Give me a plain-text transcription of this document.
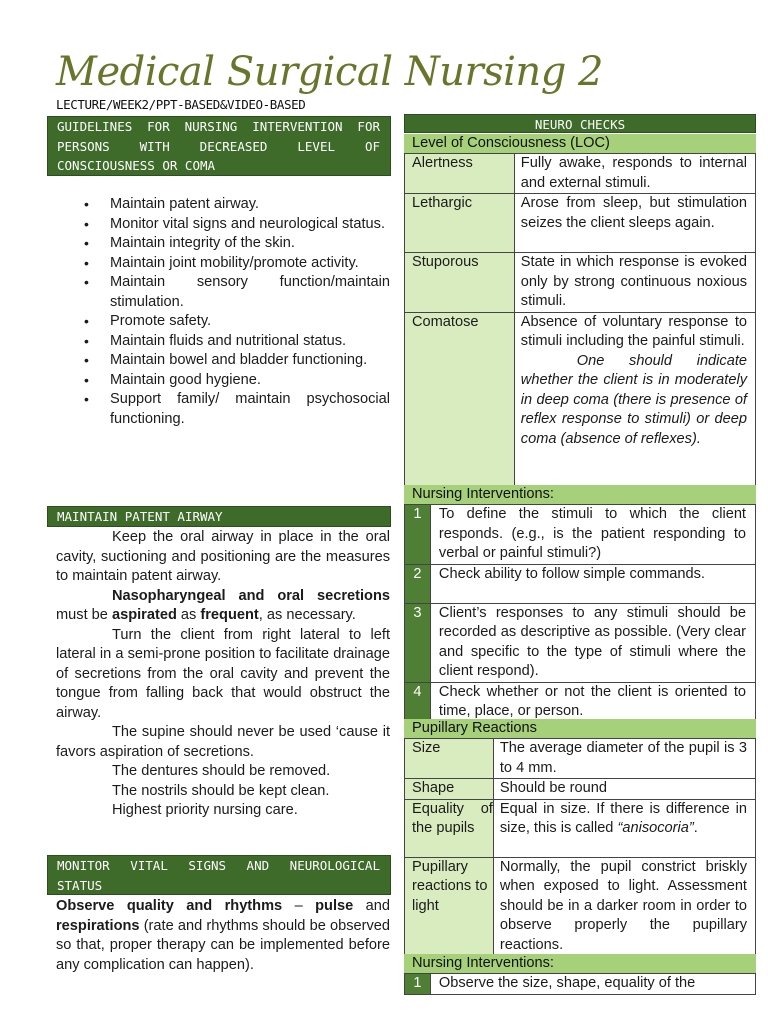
Medical Surgical Nursing 2
LECTURE/WEEK2/PPT-BASED&VIDEO-BASED
GUIDELINES FOR NURSING INTERVENTION FOR PERSONS WITH DECREASED LEVEL OF CONSCIOUSNESS OR COMA
• Maintain patent airway.
• Monitor vital signs and neurological status.
• Maintain integrity of the skin.
• Maintain joint mobility/promote activity.
• Maintain sensory function/maintain stimulation.
• Promote safety.
• Maintain fluids and nutritional status.
• Maintain bowel and bladder functioning.
• Maintain good hygiene.
• Support family/ maintain psychosocial functioning.
MAINTAIN PATENT AIRWAY

Keep the oral airway in place in the oral cavity, suctioning and positioning are the measures to maintain patent airway.

Nasopharyngeal and oral secretions must be aspirated as frequent, as necessary.

Turn the client from right lateral to left lateral in a semi-prone position to facilitate drainage of secretions from the oral cavity and prevent the tongue from falling back that would obstruct the airway.

The supine should never be used ‘cause it favors aspiration of secretions.

The dentures should be removed.

The nostrils should be kept clean.

Highest priority nursing care.

MONITOR VITAL SIGNS AND NEUROLOGICAL STATUS

Observe quality and rhythms – pulse and respirations (rate and rhythms should be observed so that, proper therapy can be implemented before any complication can happen).

NEURO CHECKS
Level of Consciousness (LOC)
Alertness	Fully awake, responds to internal and external stimuli.
Lethargic	Arose from sleep, but stimulation seizes the client sleeps again.
Stuporous	State in which response is evoked only by strong continuous noxious stimuli.
Comatose	Absence of voluntary response to stimuli including the painful stimuli.
One should indicate whether the client is in moderately in deep coma (there is presence of reflex response to stimuli) or deep coma (absence of reflexes).
Nursing Interventions:
1	To define the stimuli to which the client responds. (e.g., is the patient responding to verbal or painful stimuli?)
2	Check ability to follow simple commands.
3	Client’s responses to any stimuli should be recorded as descriptive as possible. (Very clear and specific to the type of stimuli where the client respond).
4	Check whether or not the client is oriented to time, place, or person.
Pupillary Reactions
Size	The average diameter of the pupil is 3 to 4 mm.
Shape	Should be round
Equality of the pupils	Equal in size. If there is difference in size, this is called “anisocoria”.
Pupillary reactions to light	Normally, the pupil constrict briskly when exposed to light. Assessment should be in a darker room in order to observe properly the pupillary reactions.
Nursing Interventions:
1	Observe the size, shape, equality of the
